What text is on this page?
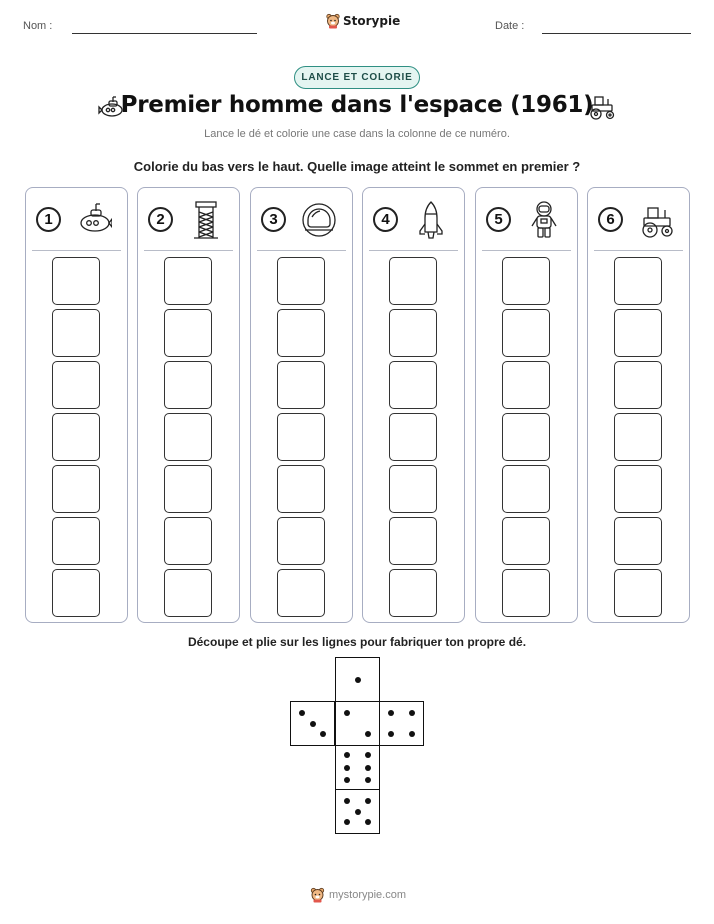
Nom :	Storypie	Date :
LANCE ET COLORIE
Premier homme dans l'espace (1961)
Lance le dé et colorie une case dans la colonne de ce numéro.
Colorie du bas vers le haut. Quelle image atteint le sommet en premier ?
1	2	3	4	5	6
Découpe et plie sur les lignes pour fabriquer ton propre dé.
mystorypie.com
